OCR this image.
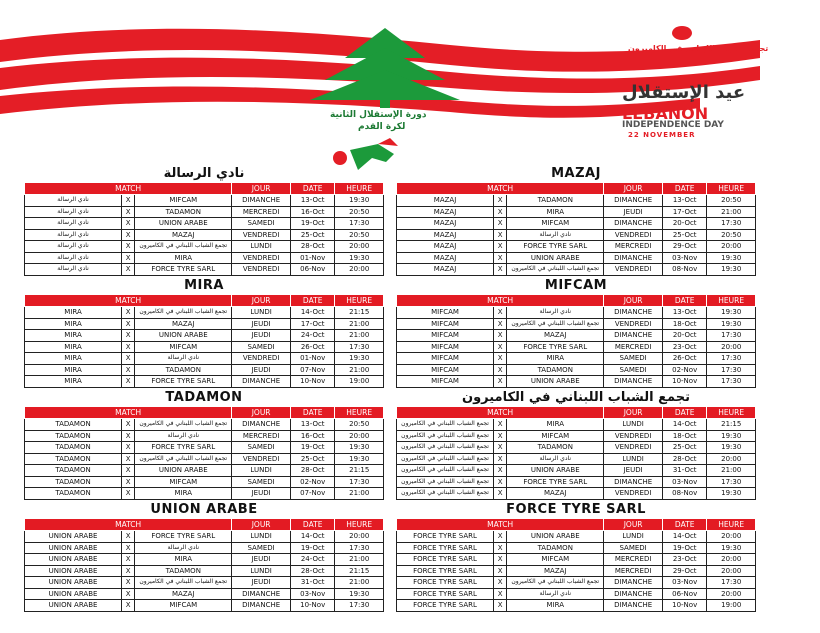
دورة الإستقلال الثانية
لكرة القدم
تجمع الشباب اللبناني في الكاميرون
عيد الإستقلال
LEBANON
INDEPENDENCE DAY
22 NOVEMBER
نادي الرسالة
MATCH			JOUR	DATE	HEURE
نادي الرسالة	X	MIFCAM	DIMANCHE	13-Oct	19:30
نادي الرسالة	X	TADAMON	MERCREDI	16-Oct	20:50
نادي الرسالة	X	UNION ARABE	SAMEDI	19-Oct	17:30
نادي الرسالة	X	MAZAJ	VENDREDI	25-Oct	20:50
نادي الرسالة	X	تجمع الشباب اللبناني في الكاميرون	LUNDI	28-Oct	20:00
نادي الرسالة	X	MIRA	VENDREDI	01-Nov	19:30
نادي الرسالة	X	FORCE TYRE SARL	VENDREDI	06-Nov	20:00
MAZAJ
MATCH			JOUR	DATE	HEURE
MAZAJ	X	TADAMON	DIMANCHE	13-Oct	20:50
MAZAJ	X	MIRA	JEUDI	17-Oct	21:00
MAZAJ	X	MIFCAM	DIMANCHE	20-Oct	17:30
MAZAJ	X	نادي الرسالة	VENDREDI	25-Oct	20:50
MAZAJ	X	FORCE TYRE SARL	MERCREDI	29-Oct	20:00
MAZAJ	X	UNION ARABE	DIMANCHE	03-Nov	19:30
MAZAJ	X	تجمع الشباب اللبناني في الكاميرون	VENDREDI	08-Nov	19:30
MIRA
MATCH			JOUR	DATE	HEURE
MIRA	X	تجمع الشباب اللبناني في الكاميرون	LUNDI	14-Oct	21:15
MIRA	X	MAZAJ	JEUDI	17-Oct	21:00
MIRA	X	UNION ARABE	JEUDI	24-Oct	21:00
MIRA	X	MIFCAM	SAMEDI	26-Oct	17:30
MIRA	X	نادي الرسالة	VENDREDI	01-Nov	19:30
MIRA	X	TADAMON	JEUDI	07-Nov	21:00
MIRA	X	FORCE TYRE SARL	DIMANCHE	10-Nov	19:00
MIFCAM
MATCH			JOUR	DATE	HEURE
MIFCAM	X	نادي الرسالة	DIMANCHE	13-Oct	19:30
MIFCAM	X	تجمع الشباب اللبناني في الكاميرون	VENDREDI	18-Oct	19:30
MIFCAM	X	MAZAJ	DIMANCHE	20-Oct	17:30
MIFCAM	X	FORCE TYRE SARL	MERCREDI	23-Oct	20:00
MIFCAM	X	MIRA	SAMEDI	26-Oct	17:30
MIFCAM	X	TADAMON	SAMEDI	02-Nov	17:30
MIFCAM	X	UNION ARABE	DIMANCHE	10-Nov	17:30
TADAMON
MATCH			JOUR	DATE	HEURE
TADAMON	X	تجمع الشباب اللبناني في الكاميرون	DIMANCHE	13-Oct	20:50
TADAMON	X	نادي الرسالة	MERCREDI	16-Oct	20:00
TADAMON	X	FORCE TYRE SARL	SAMEDI	19-Oct	19:30
TADAMON	X	تجمع الشباب اللبناني في الكاميرون	VENDREDI	25-Oct	19:30
TADAMON	X	UNION ARABE	LUNDI	28-Oct	21:15
TADAMON	X	MIFCAM	SAMEDI	02-Nov	17:30
TADAMON	X	MIRA	JEUDI	07-Nov	21:00
تجمع الشباب اللبناني في الكاميرون
MATCH			JOUR	DATE	HEURE
تجمع الشباب اللبناني في الكاميرون	X	MIRA	LUNDI	14-Oct	21:15
تجمع الشباب اللبناني في الكاميرون	X	MIFCAM	VENDREDI	18-Oct	19:30
تجمع الشباب اللبناني في الكاميرون	X	TADAMON	VENDREDI	25-Oct	19:30
تجمع الشباب اللبناني في الكاميرون	X	نادي الرسالة	LUNDI	28-Oct	20:00
تجمع الشباب اللبناني في الكاميرون	X	UNION ARABE	JEUDI	31-Oct	21:00
تجمع الشباب اللبناني في الكاميرون	X	FORCE TYRE SARL	DIMANCHE	03-Nov	17:30
تجمع الشباب اللبناني في الكاميرون	X	MAZAJ	VENDREDI	08-Nov	19:30
UNION ARABE
MATCH			JOUR	DATE	HEURE
UNION ARABE	X	FORCE TYRE SARL	LUNDI	14-Oct	20:00
UNION ARABE	X	نادي الرسالة	SAMEDI	19-Oct	17:30
UNION ARABE	X	MIRA	JEUDI	24-Oct	21:00
UNION ARABE	X	TADAMON	LUNDI	28-Oct	21:15
UNION ARABE	X	تجمع الشباب اللبناني في الكاميرون	JEUDI	31-Oct	21:00
UNION ARABE	X	MAZAJ	DIMANCHE	03-Nov	19:30
UNION ARABE	X	MIFCAM	DIMANCHE	10-Nov	17:30
FORCE TYRE SARL
MATCH			JOUR	DATE	HEURE
FORCE TYRE SARL	X	UNION ARABE	LUNDI	14-Oct	20:00
FORCE TYRE SARL	X	TADAMON	SAMEDI	19-Oct	19:30
FORCE TYRE SARL	X	MIFCAM	MERCREDI	23-Oct	20:00
FORCE TYRE SARL	X	MAZAJ	MERCREDI	29-Oct	20:00
FORCE TYRE SARL	X	تجمع الشباب اللبناني في الكاميرون	DIMANCHE	03-Nov	17:30
FORCE TYRE SARL	X	نادي الرسالة	DIMANCHE	06-Nov	20:00
FORCE TYRE SARL	X	MIRA	DIMANCHE	10-Nov	19:00
